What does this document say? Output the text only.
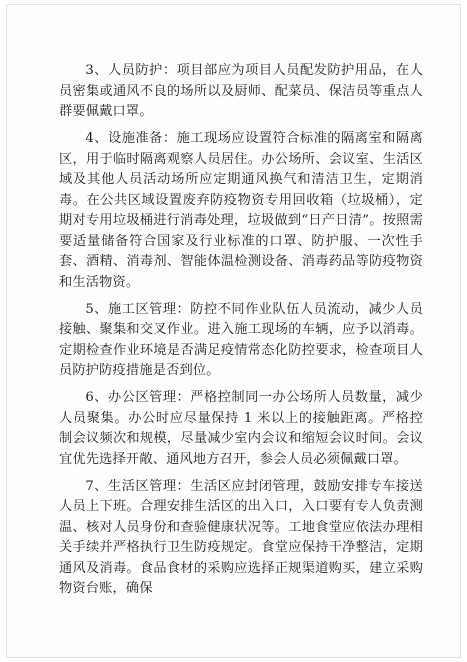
3、人员防护：项目部应为项目人员配发防护用品，在人员密集或通风不良的场所以及厨师、配菜员、保洁员等重点人群要佩戴口罩。

4、设施准备：施工现场应设置符合标准的隔离室和隔离区，用于临时隔离观察人员居住。办公场所、会议室、生活区域及其他人员活动场所应定期通风换气和清洁卫生，定期消毒。在公共区域设置废弃防疫物资专用回收箱（垃圾桶），定期对专用垃圾桶进行消毒处理，垃圾做到“日产日清”。按照需要适量储备符合国家及行业标准的口罩、防护服、一次性手套、酒精、消毒剂、智能体温检测设备、消毒药品等防疫物资和生活物资。

5、施工区管理：防控不同作业队伍人员流动，减少人员接触、聚集和交叉作业。进入施工现场的车辆，应予以消毒。定期检查作业环境是否满足疫情常态化防控要求，检查项目人员防护防疫措施是否到位。

6、办公区管理：严格控制同一办公场所人员数量，减少人员聚集。办公时应尽量保持 1 米以上的接触距离。严格控制会议频次和规模，尽量减少室内会议和缩短会议时间。会议宜优先选择开敞、通风地方召开，参会人员必须佩戴口罩。

7、生活区管理：生活区应封闭管理，鼓励安排专车接送人员上下班。合理安排生活区的出入口，入口要有专人负责测温、核对人员身份和查验健康状况等。工地食堂应依法办理相关手续并严格执行卫生防疫规定。食堂应保持干净整洁，定期通风及消毒。食品食材的采购应选择正规渠道购买，建立采购物资台账，确保
